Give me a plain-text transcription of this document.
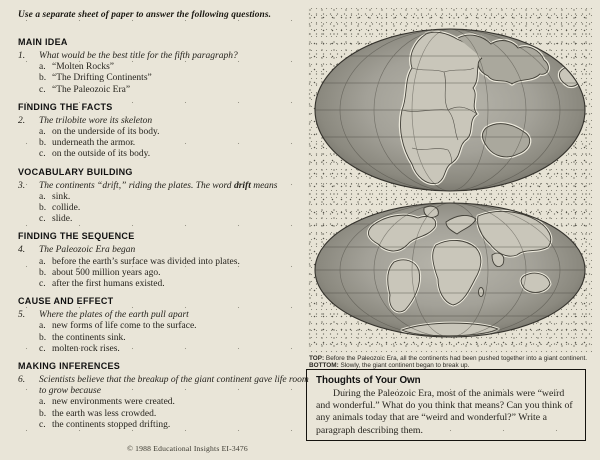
Use a separate sheet of paper to answer the following questions.
MAIN IDEA
1.	What would be the best title for the fifth paragraph?
a. “Molten Rocks”
b. “The Drifting Continents”
c. “The Paleozoic Era”
FINDING THE FACTS
2.	The trilobite wore its skeleton
a. on the underside of its body.
b. underneath the armor.
c. on the outside of its body.
VOCABULARY BUILDING
3.	The continents “drift,” riding the plates. The word drift means
a. sink.
b. collide.
c. slide.
FINDING THE SEQUENCE
4.	The Paleozoic Era began
a. before the earth’s surface was divided into plates.
b. about 500 million years ago.
c. after the first humans existed.
CAUSE AND EFFECT
5.	Where the plates of the earth pull apart
a. new forms of life come to the surface.
b. the continents sink.
c. molten rock rises.
MAKING INFERENCES
6.	Scientists believe that the breakup of the giant continent gave life room to grow because
a. new environments were created.
b. the earth was less crowded.
c. the continents stopped drifting.
© 1988 Educational Insights EI-3476
TOP: Before the Paleozoic Era, all the continents had been pushed together into a giant continent.
BOTTOM: Slowly, the giant continent began to break up.
Thoughts of Your Own
During the Paleozoic Era, most of the animals were “weird and wonderful.” What do you think that means? Can you think of any animals today that are “weird and wonderful?” Write a paragraph describing them.
